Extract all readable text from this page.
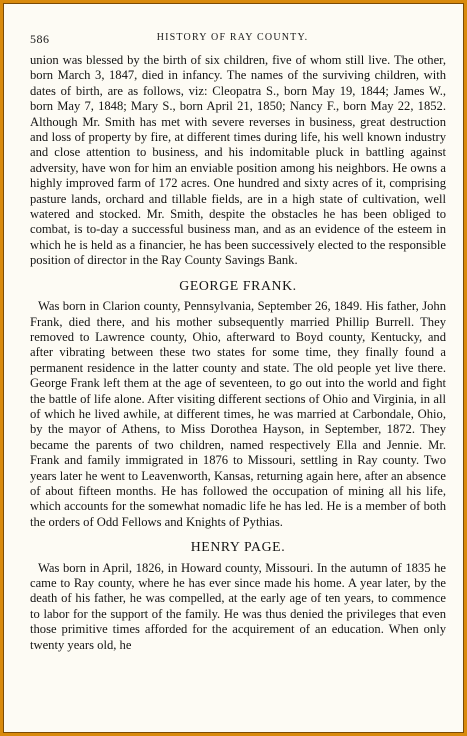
586	HISTORY OF RAY COUNTY.

union was blessed by the birth of six children, five of whom still live. The other, born March 3, 1847, died in infancy. The names of the surviving children, with dates of birth, are as follows, viz: Cleopatra S., born May 19, 1844; James W., born May 7, 1848; Mary S., born April 21, 1850; Nancy F., born May 22, 1852. Although Mr. Smith has met with severe reverses in business, great destruction and loss of property by fire, at different times during life, his well known industry and close attention to business, and his indomitable pluck in battling against adversity, have won for him an enviable position among his neighbors. He owns a highly improved farm of 172 acres. One hundred and sixty acres of it, comprising pasture lands, orchard and tillable fields, are in a high state of cultivation, well watered and stocked. Mr. Smith, despite the obstacles he has been obliged to combat, is to-day a successful business man, and as an evidence of the esteem in which he is held as a financier, he has been successively elected to the responsible position of director in the Ray County Savings Bank.

GEORGE FRANK.

Was born in Clarion county, Pennsylvania, September 26, 1849. His father, John Frank, died there, and his mother subsequently married Phillip Burrell. They removed to Lawrence county, Ohio, afterward to Boyd county, Kentucky, and after vibrating between these two states for some time, they finally found a permanent residence in the latter county and state. The old people yet live there. George Frank left them at the age of seventeen, to go out into the world and fight the battle of life alone. After visiting different sections of Ohio and Virginia, in all of which he lived awhile, at different times, he was married at Carbondale, Ohio, by the mayor of Athens, to Miss Dorothea Hayson, in September, 1872. They became the parents of two children, named respectively Ella and Jennie. Mr. Frank and family immigrated in 1876 to Missouri, settling in Ray county. Two years later he went to Leavenworth, Kansas, returning again here, after an absence of about fifteen months. He has followed the occupation of mining all his life, which accounts for the somewhat nomadic life he has led. He is a member of both the orders of Odd Fellows and Knights of Pythias.

HENRY PAGE.

Was born in April, 1826, in Howard county, Missouri. In the autumn of 1835 he came to Ray county, where he has ever since made his home. A year later, by the death of his father, he was compelled, at the early age of ten years, to commence to labor for the support of the family. He was thus denied the privileges that even those primitive times afforded for the acquirement of an education. When only twenty years old, he
